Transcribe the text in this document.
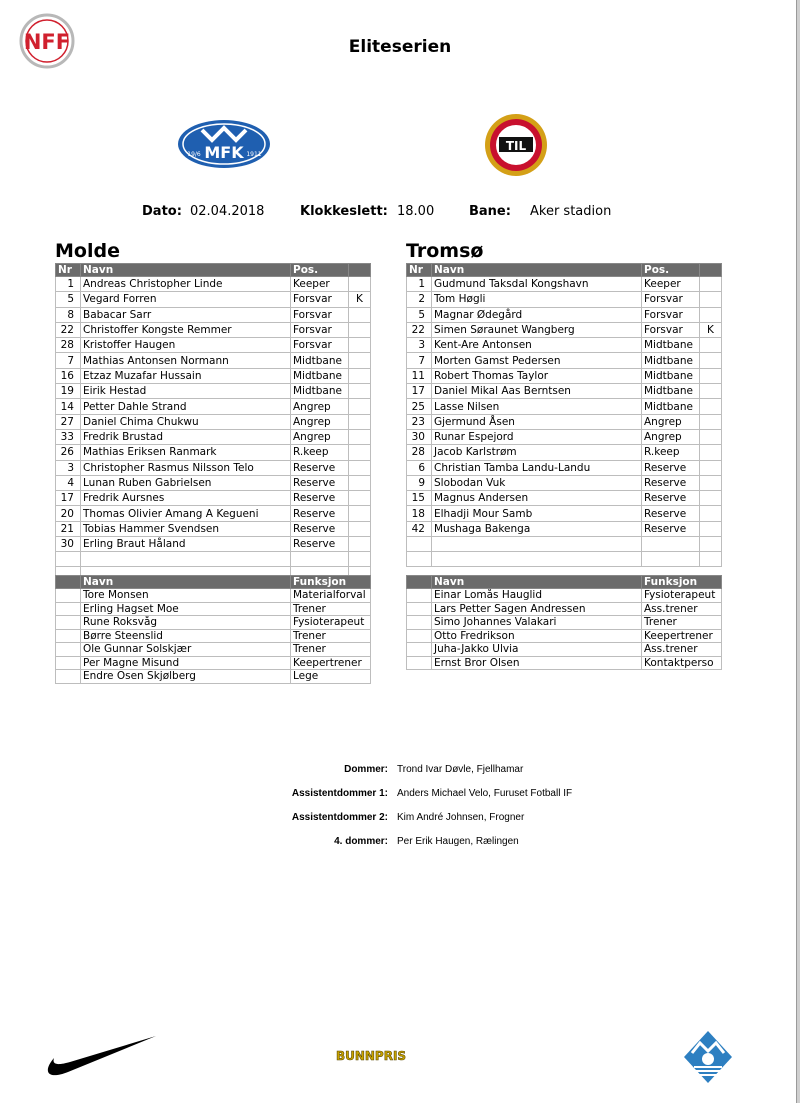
NFF	Eliteserien
MFK
19/6	1911
TIL
Dato: 02.04.2018	Klokkeslett: 18.00	Bane: Aker stadion
Molde	Tromsø
Nr	Navn	Pos.	
1	Andreas Christopher Linde	Keeper	
5	Vegard Forren	Forsvar	K
8	Babacar Sarr	Forsvar	
22	Christoffer Kongste Remmer	Forsvar	
28	Kristoffer Haugen	Forsvar	
7	Mathias Antonsen Normann	Midtbane	
16	Etzaz Muzafar Hussain	Midtbane	
19	Eirik Hestad	Midtbane	
14	Petter Dahle Strand	Angrep	
27	Daniel Chima Chukwu	Angrep	
33	Fredrik Brustad	Angrep	
26	Mathias Eriksen Ranmark	R.keep	
3	Christopher Rasmus Nilsson Telo	Reserve	
4	Lunan Ruben Gabrielsen	Reserve	
17	Fredrik Aursnes	Reserve	
20	Thomas Olivier Amang A Kegueni	Reserve	
21	Tobias Hammer Svendsen	Reserve	
30	Erling Braut Håland	Reserve	

Nr	Navn	Pos.	
1	Gudmund Taksdal Kongshavn	Keeper	
2	Tom Høgli	Forsvar	
5	Magnar Ødegård	Forsvar	
22	Simen Søraunet Wangberg	Forsvar	K
3	Kent-Are Antonsen	Midtbane	
7	Morten Gamst Pedersen	Midtbane	
11	Robert Thomas Taylor	Midtbane	
17	Daniel Mikal Aas Berntsen	Midtbane	
25	Lasse Nilsen	Midtbane	
23	Gjermund Åsen	Angrep	
30	Runar Espejord	Angrep	
28	Jacob Karlstrøm	R.keep	
6	Christian Tamba Landu-Landu	Reserve	
9	Slobodan Vuk	Reserve	
15	Magnus Andersen	Reserve	
18	Elhadji Mour Samb	Reserve	
42	Mushaga Bakenga	Reserve	

	Navn	Funksjon
	Tore Monsen	Materialforval
	Erling Hagset Moe	Trener
	Rune Roksvåg	Fysioterapeut
	Børre Steenslid	Trener
	Ole Gunnar Solskjær	Trener
	Per Magne Misund	Keepertrener
	Endre Osen Skjølberg	Lege
	Navn	Funksjon
	Einar Lomås Hauglid	Fysioterapeut
	Lars Petter Sagen Andressen	Ass.trener
	Simo Johannes Valakari	Trener
	Otto Fredrikson	Keepertrener
	Juha-Jakko Ulvia	Ass.trener
	Ernst Bror Olsen	Kontaktperso
Dommer: Trond Ivar Døvle, Fjellhamar
Assistentdommer 1: Anders Michael Velo, Furuset Fotball IF
Assistentdommer 2: Kim André Johnsen, Frogner
4. dommer: Per Erik Haugen, Rælingen
BUNNPRIS
